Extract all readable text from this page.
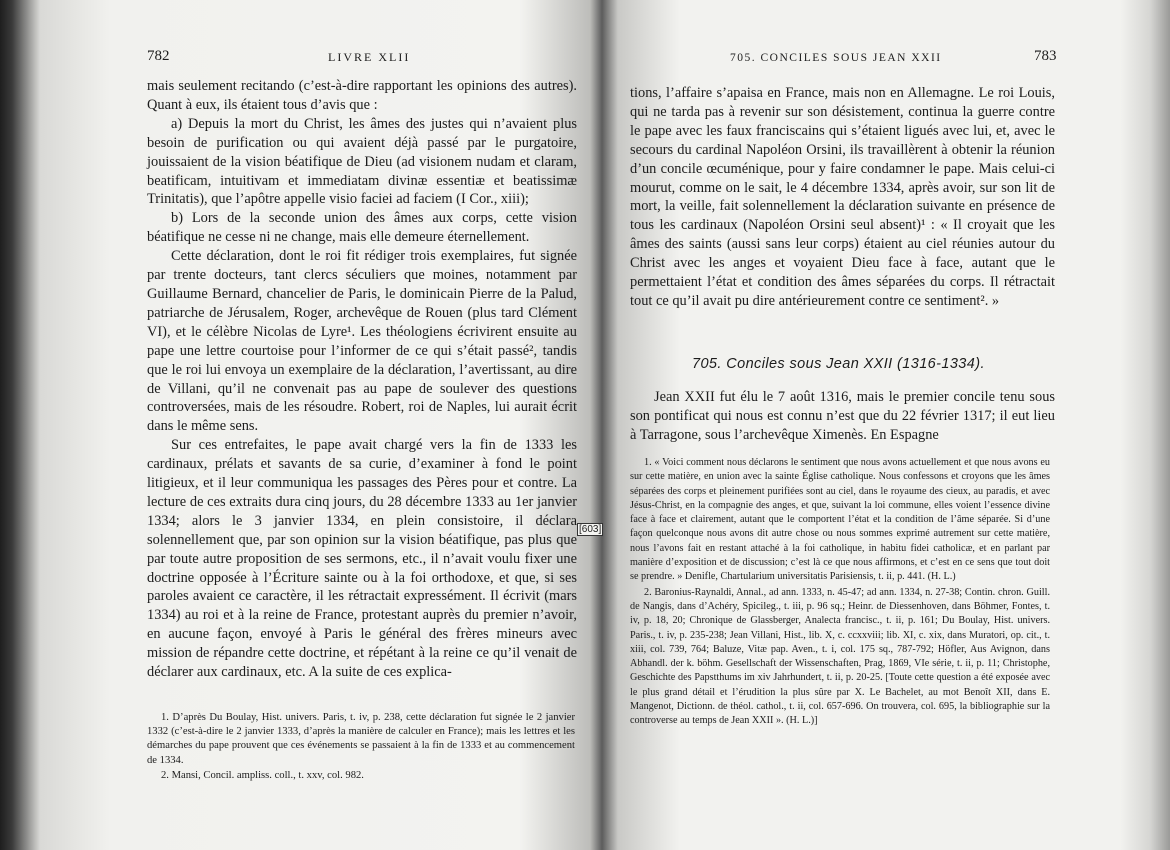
782	LIVRE XLII

mais seulement recitando (c’est-à-dire rapportant les opinions des autres). Quant à eux, ils étaient tous d’avis que :

a) Depuis la mort du Christ, les âmes des justes qui n’avaient plus besoin de purification ou qui avaient déjà passé par le purgatoire, jouissaient de la vision béatifique de Dieu (ad visionem nudam et claram, beatificam, intuitivam et immediatam divinæ essentiæ et beatissimæ Trinitatis), que l’apôtre appelle visio faciei ad faciem (I Cor., xiii);

b) Lors de la seconde union des âmes aux corps, cette vision béatifique ne cesse ni ne change, mais elle demeure éternellement.

Cette déclaration, dont le roi fit rédiger trois exemplaires, fut signée par trente docteurs, tant clercs séculiers que moines, notamment par Guillaume Bernard, chancelier de Paris, le dominicain Pierre de la Palud, patriarche de Jérusalem, Roger, archevêque de Rouen (plus tard Clément VI), et le célèbre Nicolas de Lyre¹. Les théologiens écrivirent ensuite au pape une lettre courtoise pour l’informer de ce qui s’était passé², tandis que le roi lui envoya un exemplaire de la déclaration, l’avertissant, au dire de Villani, qu’il ne convenait pas au pape de soulever des questions controversées, mais de les résoudre. Robert, roi de Naples, lui aurait écrit dans le même sens.

Sur ces entrefaites, le pape avait chargé vers la fin de 1333 les cardinaux, prélats et savants de sa curie, d’examiner à fond le point litigieux, et il leur communiqua les passages des Pères pour et contre. La lecture de ces extraits dura cinq jours, du 28 décembre 1333 au 1er janvier 1334; alors le 3 janvier 1334, en plein consistoire, il déclara solennellement que, par son opinion sur la vision béatifique, pas plus que par toute autre proposition de ses sermons, etc., il n’avait voulu fixer une doctrine opposée à l’Écriture sainte ou à la foi orthodoxe, et que, si ses paroles avaient ce caractère, il les rétractait expressément. Il écrivit (mars 1334) au roi et à la reine de France, protestant auprès du premier n’avoir, en aucune façon, envoyé à Paris le général des frères mineurs avec mission de répandre cette doctrine, et répétant à la reine ce qu’il venait de déclarer aux cardinaux, etc. A la suite de ces explica-

[603]

1. D’après Du Boulay, Hist. univers. Paris, t. iv, p. 238, cette déclaration fut signée le 2 janvier 1332 (c’est-à-dire le 2 janvier 1333, d’après la manière de calculer en France); mais les lettres et les démarches du pape prouvent que ces événements se passaient à la fin de 1333 et au commencement de 1334.

2. Mansi, Concil. ampliss. coll., t. xxv, col. 982.

705. CONCILES SOUS JEAN XXII	783

tions, l’affaire s’apaisa en France, mais non en Allemagne. Le roi Louis, qui ne tarda pas à revenir sur son désistement, continua la guerre contre le pape avec les faux franciscains qui s’étaient ligués avec lui, et, avec le secours du cardinal Napoléon Orsini, ils travaillèrent à obtenir la réunion d’un concile œcuménique, pour y faire condamner le pape. Mais celui-ci mourut, comme on le sait, le 4 décembre 1334, après avoir, sur son lit de mort, la veille, fait solennellement la déclaration suivante en présence de tous les cardinaux (Napoléon Orsini seul absent)¹ : « Il croyait que les âmes des saints (aussi sans leur corps) étaient au ciel réunies autour du Christ avec les anges et voyaient Dieu face à face, autant que le permettaient l’état et condition des âmes séparées du corps. Il rétractait tout ce qu’il avait pu dire antérieurement contre ce sentiment². »

705. Conciles sous Jean XXII (1316-1334).

Jean XXII fut élu le 7 août 1316, mais le premier concile tenu sous son pontificat qui nous est connu n’est que du 22 février 1317; il eut lieu à Tarragone, sous l’archevêque Ximenès. En Espagne

1. « Voici comment nous déclarons le sentiment que nous avons actuellement et que nous avons eu sur cette matière, en union avec la sainte Église catholique. Nous confessons et croyons que les âmes séparées des corps et pleinement purifiées sont au ciel, dans le royaume des cieux, au paradis, et avec Jésus-Christ, en la compagnie des anges, et que, suivant la loi commune, elles voient l’essence divine face à face et clairement, autant que le comportent l’état et la condition de l’âme séparée. Si d’une façon quelconque nous avons dit autre chose ou nous sommes exprimé autrement sur cette matière, nous l’avons fait en restant attaché à la foi catholique, in habitu fidei catholicæ, et en parlant par manière d’exposition et de discussion; c’est là ce que nous affirmons, et c’est en ce sens que tout doit se prendre. » Denifle, Chartularium universitatis Parisiensis, t. ii, p. 441. (H. L.)

2. Baronius-Raynaldi, Annal., ad ann. 1333, n. 45-47; ad ann. 1334, n. 27-38; Contin. chron. Guill. de Nangis, dans d’Achéry, Spicileg., t. iii, p. 96 sq.; Heinr. de Diessenhoven, dans Böhmer, Fontes, t. iv, p. 18, 20; Chronique de Glassberger, Analecta francisc., t. ii, p. 161; Du Boulay, Hist. univers. Paris., t. iv, p. 235-238; Jean Villani, Hist., lib. X, c. ccxxviii; lib. XI, c. xix, dans Muratori, op. cit., t. xiii, col. 739, 764; Baluze, Vitæ pap. Aven., t. i, col. 175 sq., 787-792; Höfler, Aus Avignon, dans Abhandl. der k. böhm. Gesellschaft der Wissenschaften, Prag, 1869, VIe série, t. ii, p. 11; Christophe, Geschichte des Papstthums im xiv Jahrhundert, t. ii, p. 20-25. [Toute cette question a été exposée avec le plus grand détail et l’érudition la plus sûre par X. Le Bachelet, au mot Benoît XII, dans E. Mangenot, Dictionn. de théol. cathol., t. ii, col. 657-696. On trouvera, col. 695, la bibliographie sur la controverse au temps de Jean XXII ». (H. L.)]
